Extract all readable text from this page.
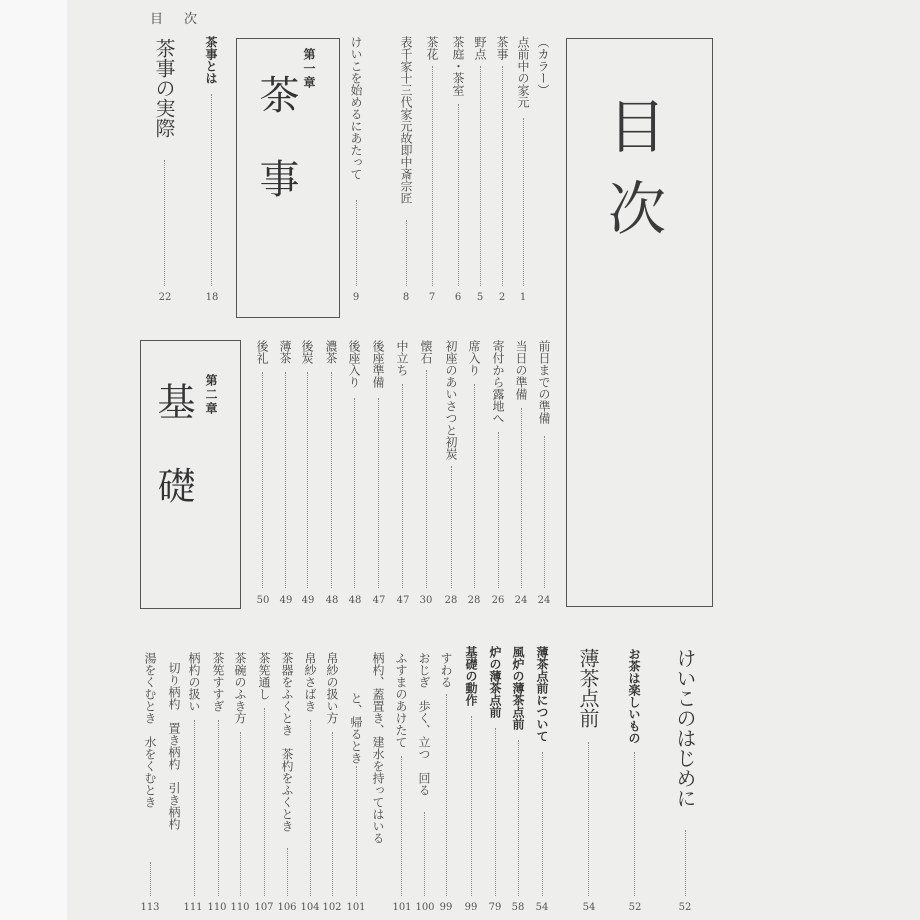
目　次
目次
第一章
茶　事
第二章
基　礎
（カラー）
点前中の家元
1
茶事
2
野点
5
茶庭・茶室
6
茶花
7
表千家十三代家元故即中斎宗匠
8
けいこを始めるにあたって
9
茶事とは
18
茶事の実際
22
前日までの準備
24
当日の準備
24
寄付から露地へ
26
席入り
28
初座のあいさつと初炭
28
懐石
30
中立ち
47
後座準備
47
後座入り
48
濃茶
48
後炭
49
薄茶
49
後礼
50
けいこのはじめに
52
お茶は楽しいもの
52
薄茶点前
54
薄茶点前について
54
風炉の薄茶点前
58
炉の薄茶点前
79
基礎の動作
99
すわる
99
おじぎ　歩く、立つ　回る
100
ふすまのあけたて
101
柄杓、蓋置き、建水を持ってはいる
と、帰るとき
101
帛紗の扱い方
102
帛紗さばき
104
茶器をふくとき　茶杓をふくとき
106
茶筅通し
107
茶碗のふき方
110
茶筅すすぎ
110
柄杓の扱い
111
切り柄杓　置き柄杓　引き柄杓
湯をくむとき　水をくむとき
113
